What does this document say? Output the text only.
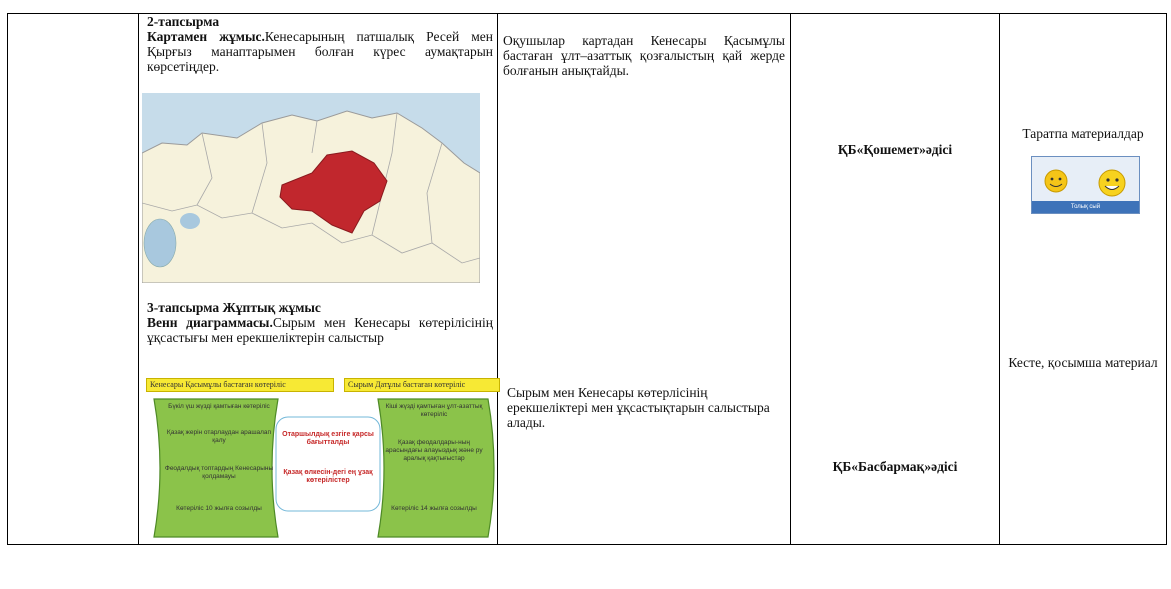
2-тапсырма

Картамен жұмыс.Кенесарының патшалық Ресей мен Қырғыз манаптарымен болған күрес аумақтарын көрсетіңдер.

3-тапсырма Жұптық жұмыс

Венн диаграммасы.Сырым мен Кенесары көтерілісінің ұқсастығы мен ерекшеліктерін салыстыр

Кенесары Қасымұлы бастаған көтеріліс	Сырым Датұлы бастаған көтеріліс
Бүкіл үш жүзді қамтыған көтеріліс
Қазақ жерін отарлаудан арашалап қалу
Феодалдық топтардың Кенесарыны қолдамауы
Көтеріліс 10 жылға созылды
Отаршылдық езгіге қарсы бағытталды
Қазақ өлкесін-дегі ең ұзақ көтерілістер
Кіші жүзді қамтыған ұлт-азаттық көтеріліс
Қазақ феодалдары-ның арасындағы алауыздық және ру аралық қақтығыстар
Көтеріліс 14 жылға созылды

Оқушылар картадан Кенесары Қасымұлы бастаған ұлт–азаттық қозғалыстың қай жерде болғанын анықтайды.

Сырым мен Кенесары көтерлісінің ерекшеліктері мен ұқсастықтарын салыстыра алады.

ҚБ«Қошемет»әдісі

ҚБ«Басбармақ»әдісі

Таратпа материалдар

Толық сый

Кесте, қосымша материал
